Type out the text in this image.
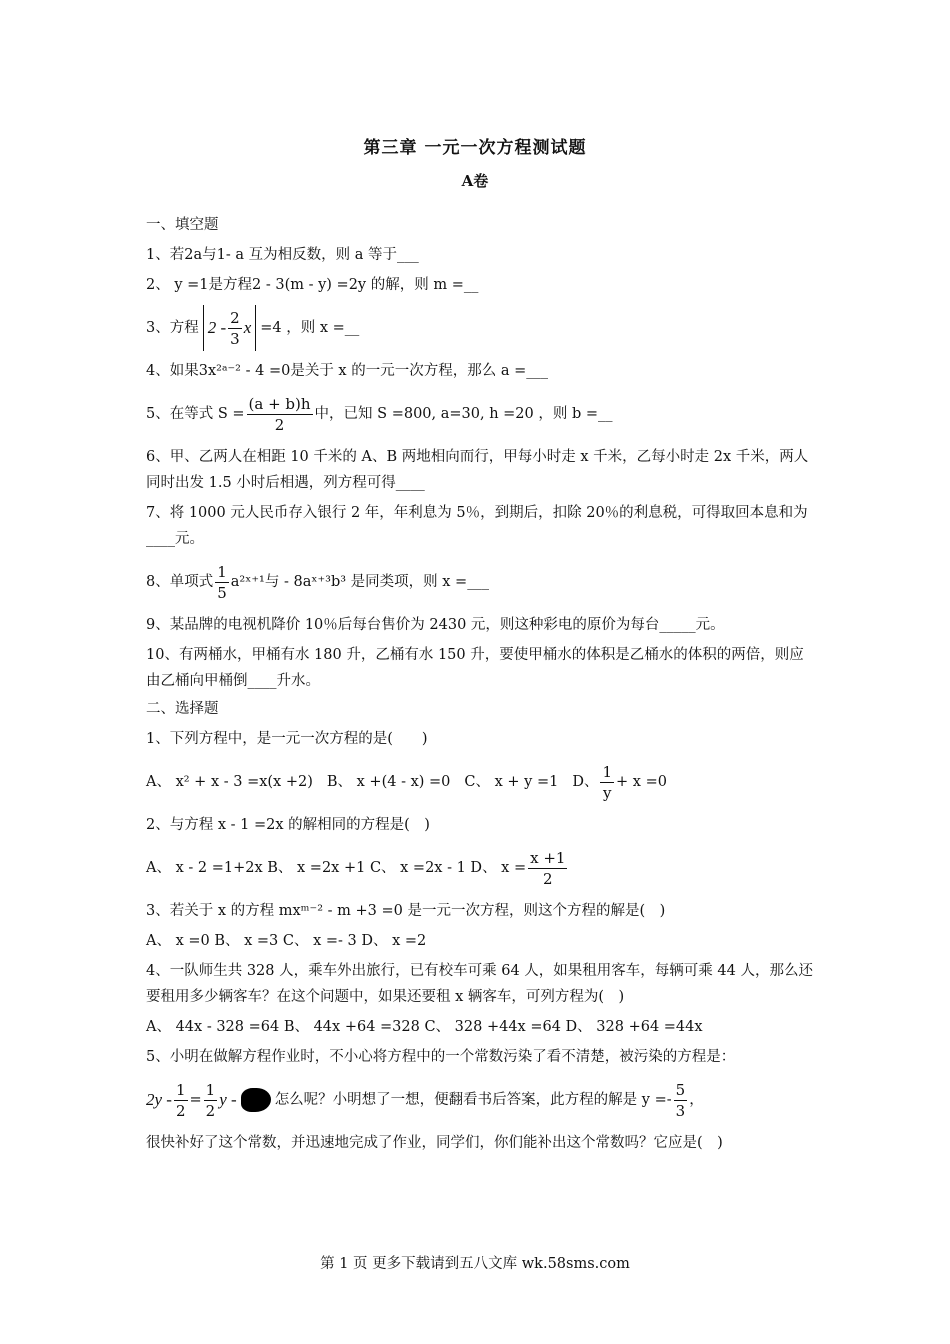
第三章 一元一次方程测试题
A卷
一、填空题
1、若2a与1- a 互为相反数，则 a 等于___
2、 y =1是方程2 - 3(m - y) =2y 的解，则 m =__
3、方程 $2 - \frac{2}{3}$ x =4 ，则 x =__
4、如果3x²ᵃ⁻² - 4 =0是关于 x 的一元一次方程，那么 a =___
5、在等式 $S = \frac{(a + b)h}{2}$ 中，已知 S =800, a=30, h =20 ，则 b =__
6、甲、乙两人在相距 10 千米的 A、B 两地相向而行，甲每小时走 x 千米，乙每小时走 2x 千米，两人同时出发 1.5 小时后相遇，列方程可得____
7、将 1000 元人民币存入银行 2 年，年利息为 5％，到期后，扣除 20％的利息税，可得取回本息和为____元。
8、单项式 $\frac{1}{5}$ a²ˣ⁺¹与 - 8aˣ⁺³b³ 是同类项，则 x =___
9、某品牌的电视机降价 10％后每台售价为 2430 元，则这种彩电的原价为每台_____元。
10、有两桶水，甲桶有水 180 升，乙桶有水 150 升，要使甲桶水的体积是乙桶水的体积的两倍，则应由乙桶向甲桶倒____升水。
二、选择题
1、下列方程中，是一元一次方程的是(　　)
A、 x² + x - 3 =x(x +2) B、 x +(4 - x) =0 C、 x + y =1 D、 $\frac{1}{y} + x =0$
2、与方程 x - 1 =2x 的解相同的方程是(　)
A、 x - 2 =1+2x B、 x =2x +1 C、 x =2x - 1 D、 $x = \frac{x +1}{2}$
3、若关于 x 的方程 mxᵐ⁻² - m +3 =0 是一元一次方程，则这个方程的解是(　)
A、 x =0 B、 x =3 C、 x =- 3 D、 x =2
4、一队师生共 328 人，乘车外出旅行，已有校车可乘 64 人，如果租用客车，每辆可乘 44 人，那么还要租用多少辆客车？在这个问题中，如果还要租 x 辆客车，可列方程为(　)
A、 44x - 328 =64 B、 44x +64 =328 C、 328 +44x =64 D、 328 +64 =44x
5、小明在做解方程作业时，不小心将方程中的一个常数污染了看不清楚，被污染的方程是：
$2y - \frac{1}{2} = \frac{1}{2}$ y -	怎么呢？小明想了一想，便翻看书后答案，此方程的解是 $y =- \frac{5}{3}$ ，
很快补好了这个常数，并迅速地完成了作业，同学们，你们能补出这个常数吗？它应是(　)
第 1 页 更多下载请到五八文库 wk.58sms.com
